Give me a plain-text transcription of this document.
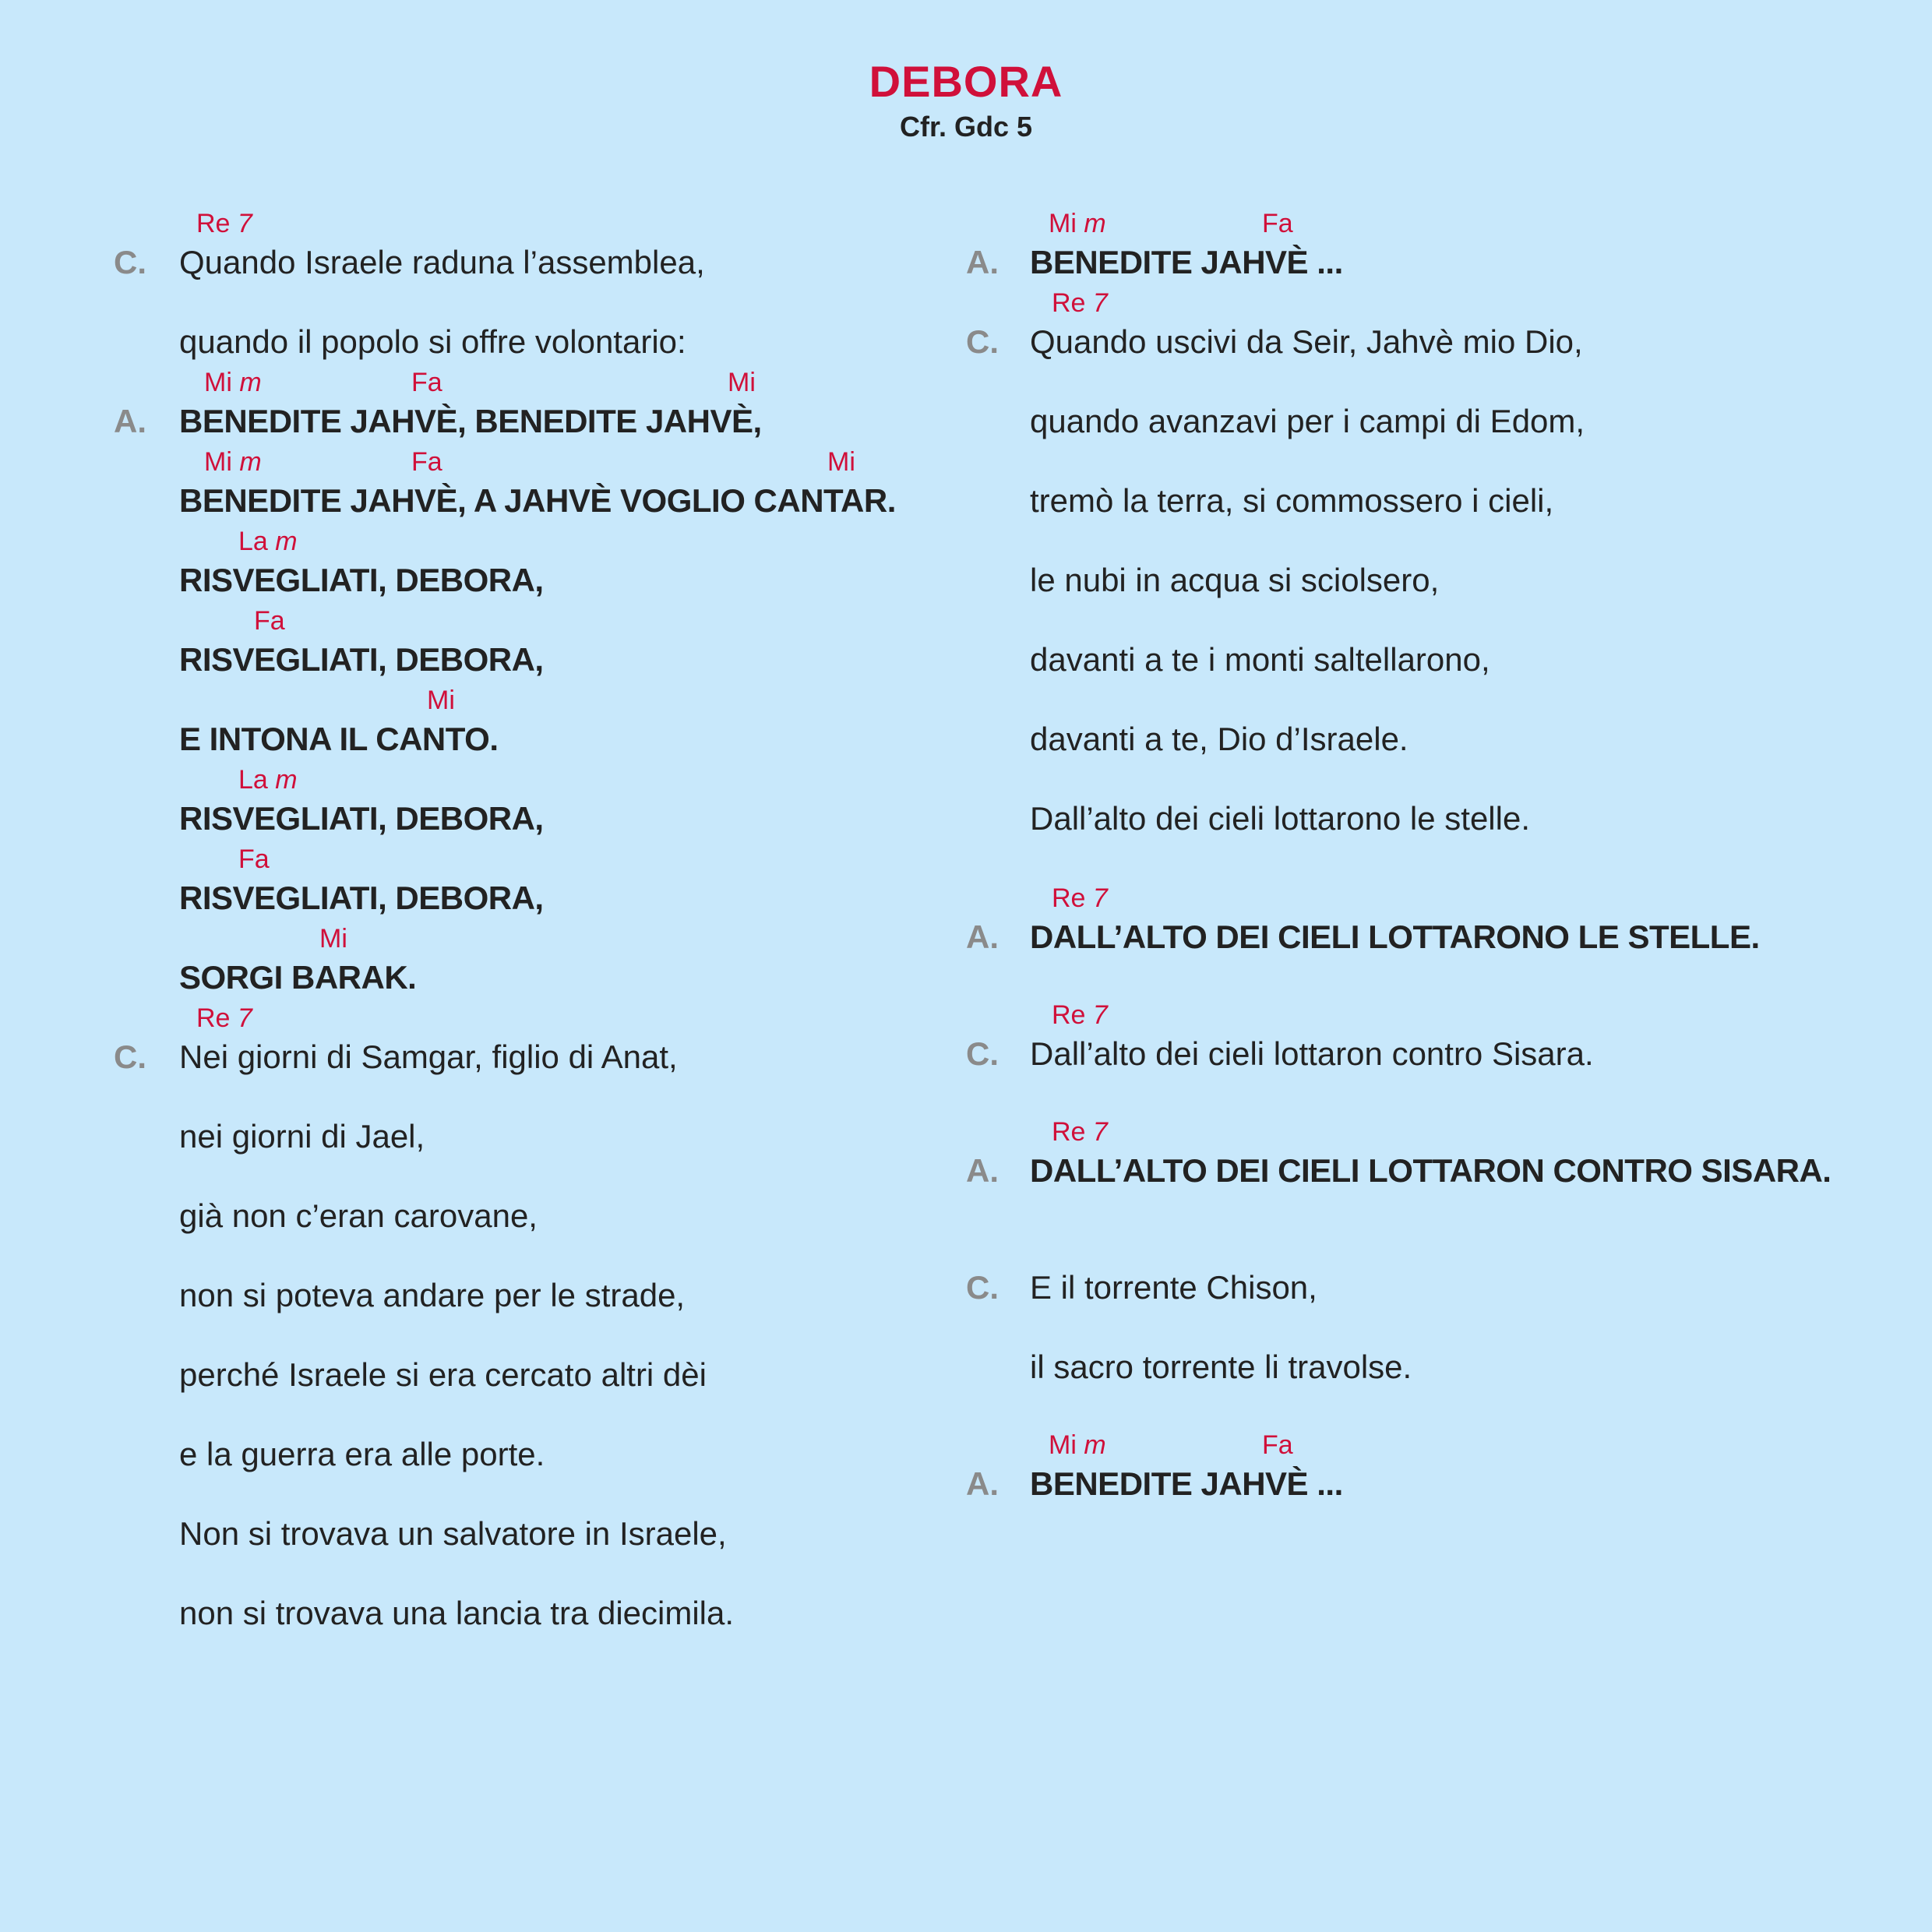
DEBORA
Cfr. Gdc 5
Re 7
C. Quando Israele raduna l’assemblea,
quando il popolo si offre volontario:
Mi m	Fa	Mi
A. BENEDITE JAHVÈ, BENEDITE JAHVÈ,
Mi m	Fa	Mi
BENEDITE JAHVÈ, A JAHVÈ VOGLIO CANTAR.
La m
RISVEGLIATI, DEBORA,
Fa
RISVEGLIATI, DEBORA,
Mi
E INTONA IL CANTO.
La m
RISVEGLIATI, DEBORA,
Fa
RISVEGLIATI, DEBORA,
Mi
SORGI BARAK.
Re 7
C. Nei giorni di Samgar, figlio di Anat,
nei giorni di Jael,
già non c’eran carovane,
non si poteva andare per le strade,
perché Israele si era cercato altri dèi
e la guerra era alle porte.
Non si trovava un salvatore in Israele,
non si trovava una lancia tra diecimila.
Mi m	Fa
A. BENEDITE JAHVÈ ...
Re 7
C. Quando uscivi da Seir, Jahvè mio Dio,
quando avanzavi per i campi di Edom,
tremò la terra, si commossero i cieli,
le nubi in acqua si sciolsero,
davanti a te i monti saltellarono,
davanti a te, Dio d’Israele.
Dall’alto dei cieli lottarono le stelle.
Re 7
A. DALL’ALTO DEI CIELI LOTTARONO LE STELLE.
Re 7
C. Dall’alto dei cieli lottaron contro Sisara.
Re 7
A. DALL’ALTO DEI CIELI LOTTARON CONTRO SISARA.
C. E il torrente Chison,
il sacro torrente li travolse.
Mi m	Fa
A. BENEDITE JAHVÈ ...
